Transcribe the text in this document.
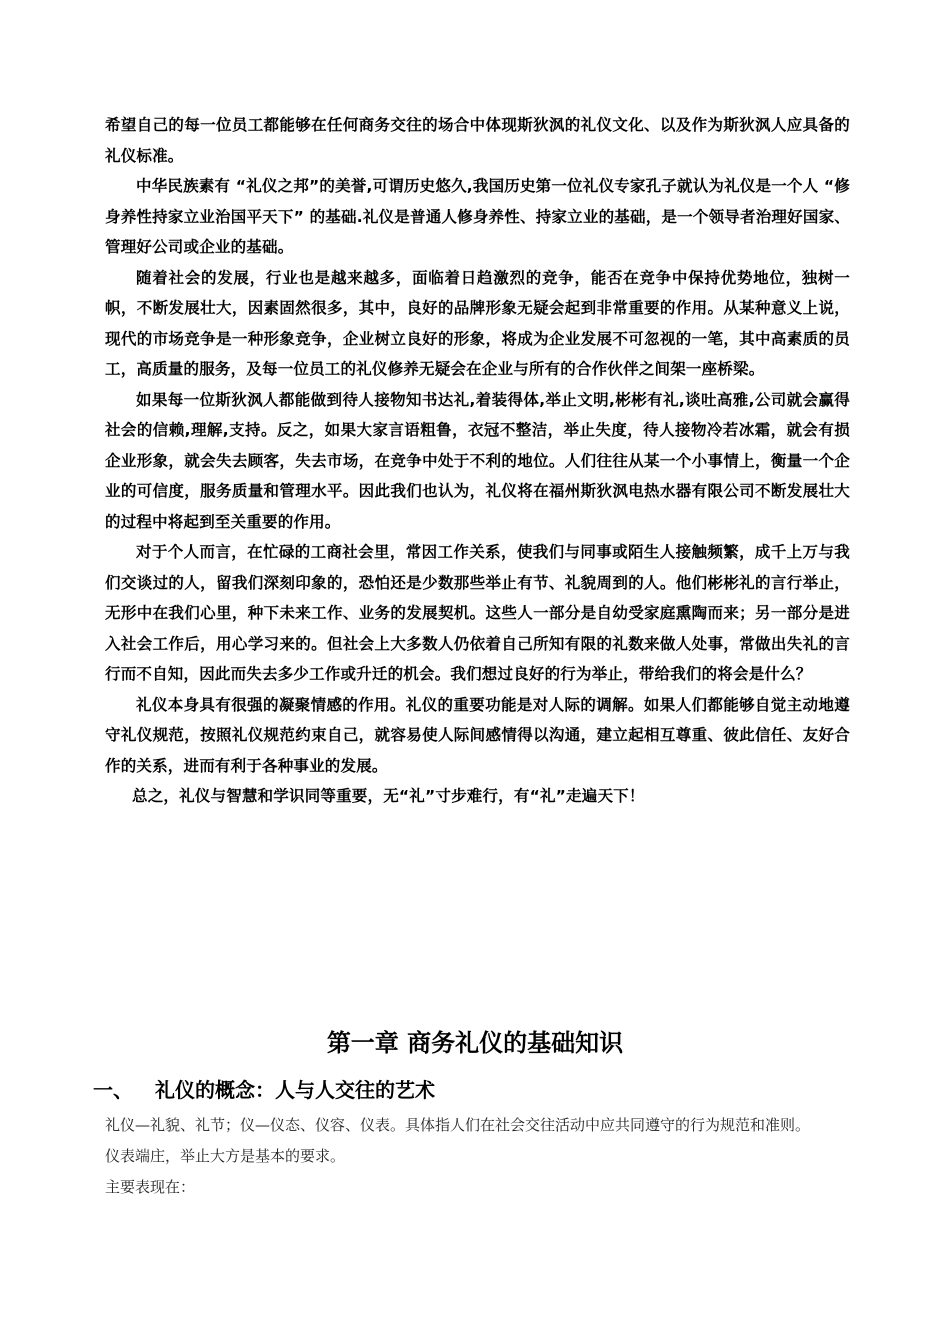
希望自己的每一位员工都能够在任何商务交往的场合中体现斯狄沨的礼仪文化、以及作为斯狄沨人应具备的礼仪标准。

中华民族素有 “礼仪之邦”的美誉,可谓历史悠久,我国历史第一位礼仪专家孔子就认为礼仪是一个人 “修身养性持家立业治国平天下” 的基础.礼仪是普通人修身养性、持家立业的基础，是一个领导者治理好国家、管理好公司或企业的基础。

随着社会的发展，行业也是越来越多，面临着日趋激烈的竞争，能否在竞争中保持优势地位，独树一帜，不断发展壮大，因素固然很多，其中，良好的品牌形象无疑会起到非常重要的作用。从某种意义上说，现代的市场竞争是一种形象竞争，企业树立良好的形象，将成为企业发展不可忽视的一笔，其中高素质的员工，高质量的服务，及每一位员工的礼仪修养无疑会在企业与所有的合作伙伴之间架一座桥梁。

如果每一位斯狄沨人都能做到待人接物知书达礼,着装得体,举止文明,彬彬有礼,谈吐高雅,公司就会赢得社会的信赖,理解,支持。反之，如果大家言语粗鲁，衣冠不整洁，举止失度，待人接物冷若冰霜，就会有损企业形象，就会失去顾客，失去市场，在竞争中处于不利的地位。人们往往从某一个小事情上，衡量一个企业的可信度，服务质量和管理水平。因此我们也认为，礼仪将在福州斯狄沨电热水器有限公司不断发展壮大的过程中将起到至关重要的作用。

对于个人而言，在忙碌的工商社会里，常因工作关系，使我们与同事或陌生人接触频繁，成千上万与我们交谈过的人，留我们深刻印象的，恐怕还是少数那些举止有节、礼貌周到的人。他们彬彬礼的言行举止，无形中在我们心里，种下未来工作、业务的发展契机。这些人一部分是自幼受家庭熏陶而来；另一部分是进入社会工作后，用心学习来的。但社会上大多数人仍依着自己所知有限的礼数来做人处事，常做出失礼的言行而不自知，因此而失去多少工作或升迁的机会。我们想过良好的行为举止，带给我们的将会是什么？

礼仪本身具有很强的凝聚情感的作用。礼仪的重要功能是对人际的调解。如果人们都能够自觉主动地遵守礼仪规范，按照礼仪规范约束自己，就容易使人际间感情得以沟通，建立起相互尊重、彼此信任、友好合作的关系，进而有利于各种事业的发展。

总之，礼仪与智慧和学识同等重要，无“礼”寸步难行，有“礼”走遍天下！

第一章 商务礼仪的基础知识
一、 礼仪的概念：人与人交往的艺术

礼仪—礼貌、礼节；仪—仪态、仪容、仪表。具体指人们在社会交往活动中应共同遵守的行为规范和准则。

仪表端庄，举止大方是基本的要求。

主要表现在：
